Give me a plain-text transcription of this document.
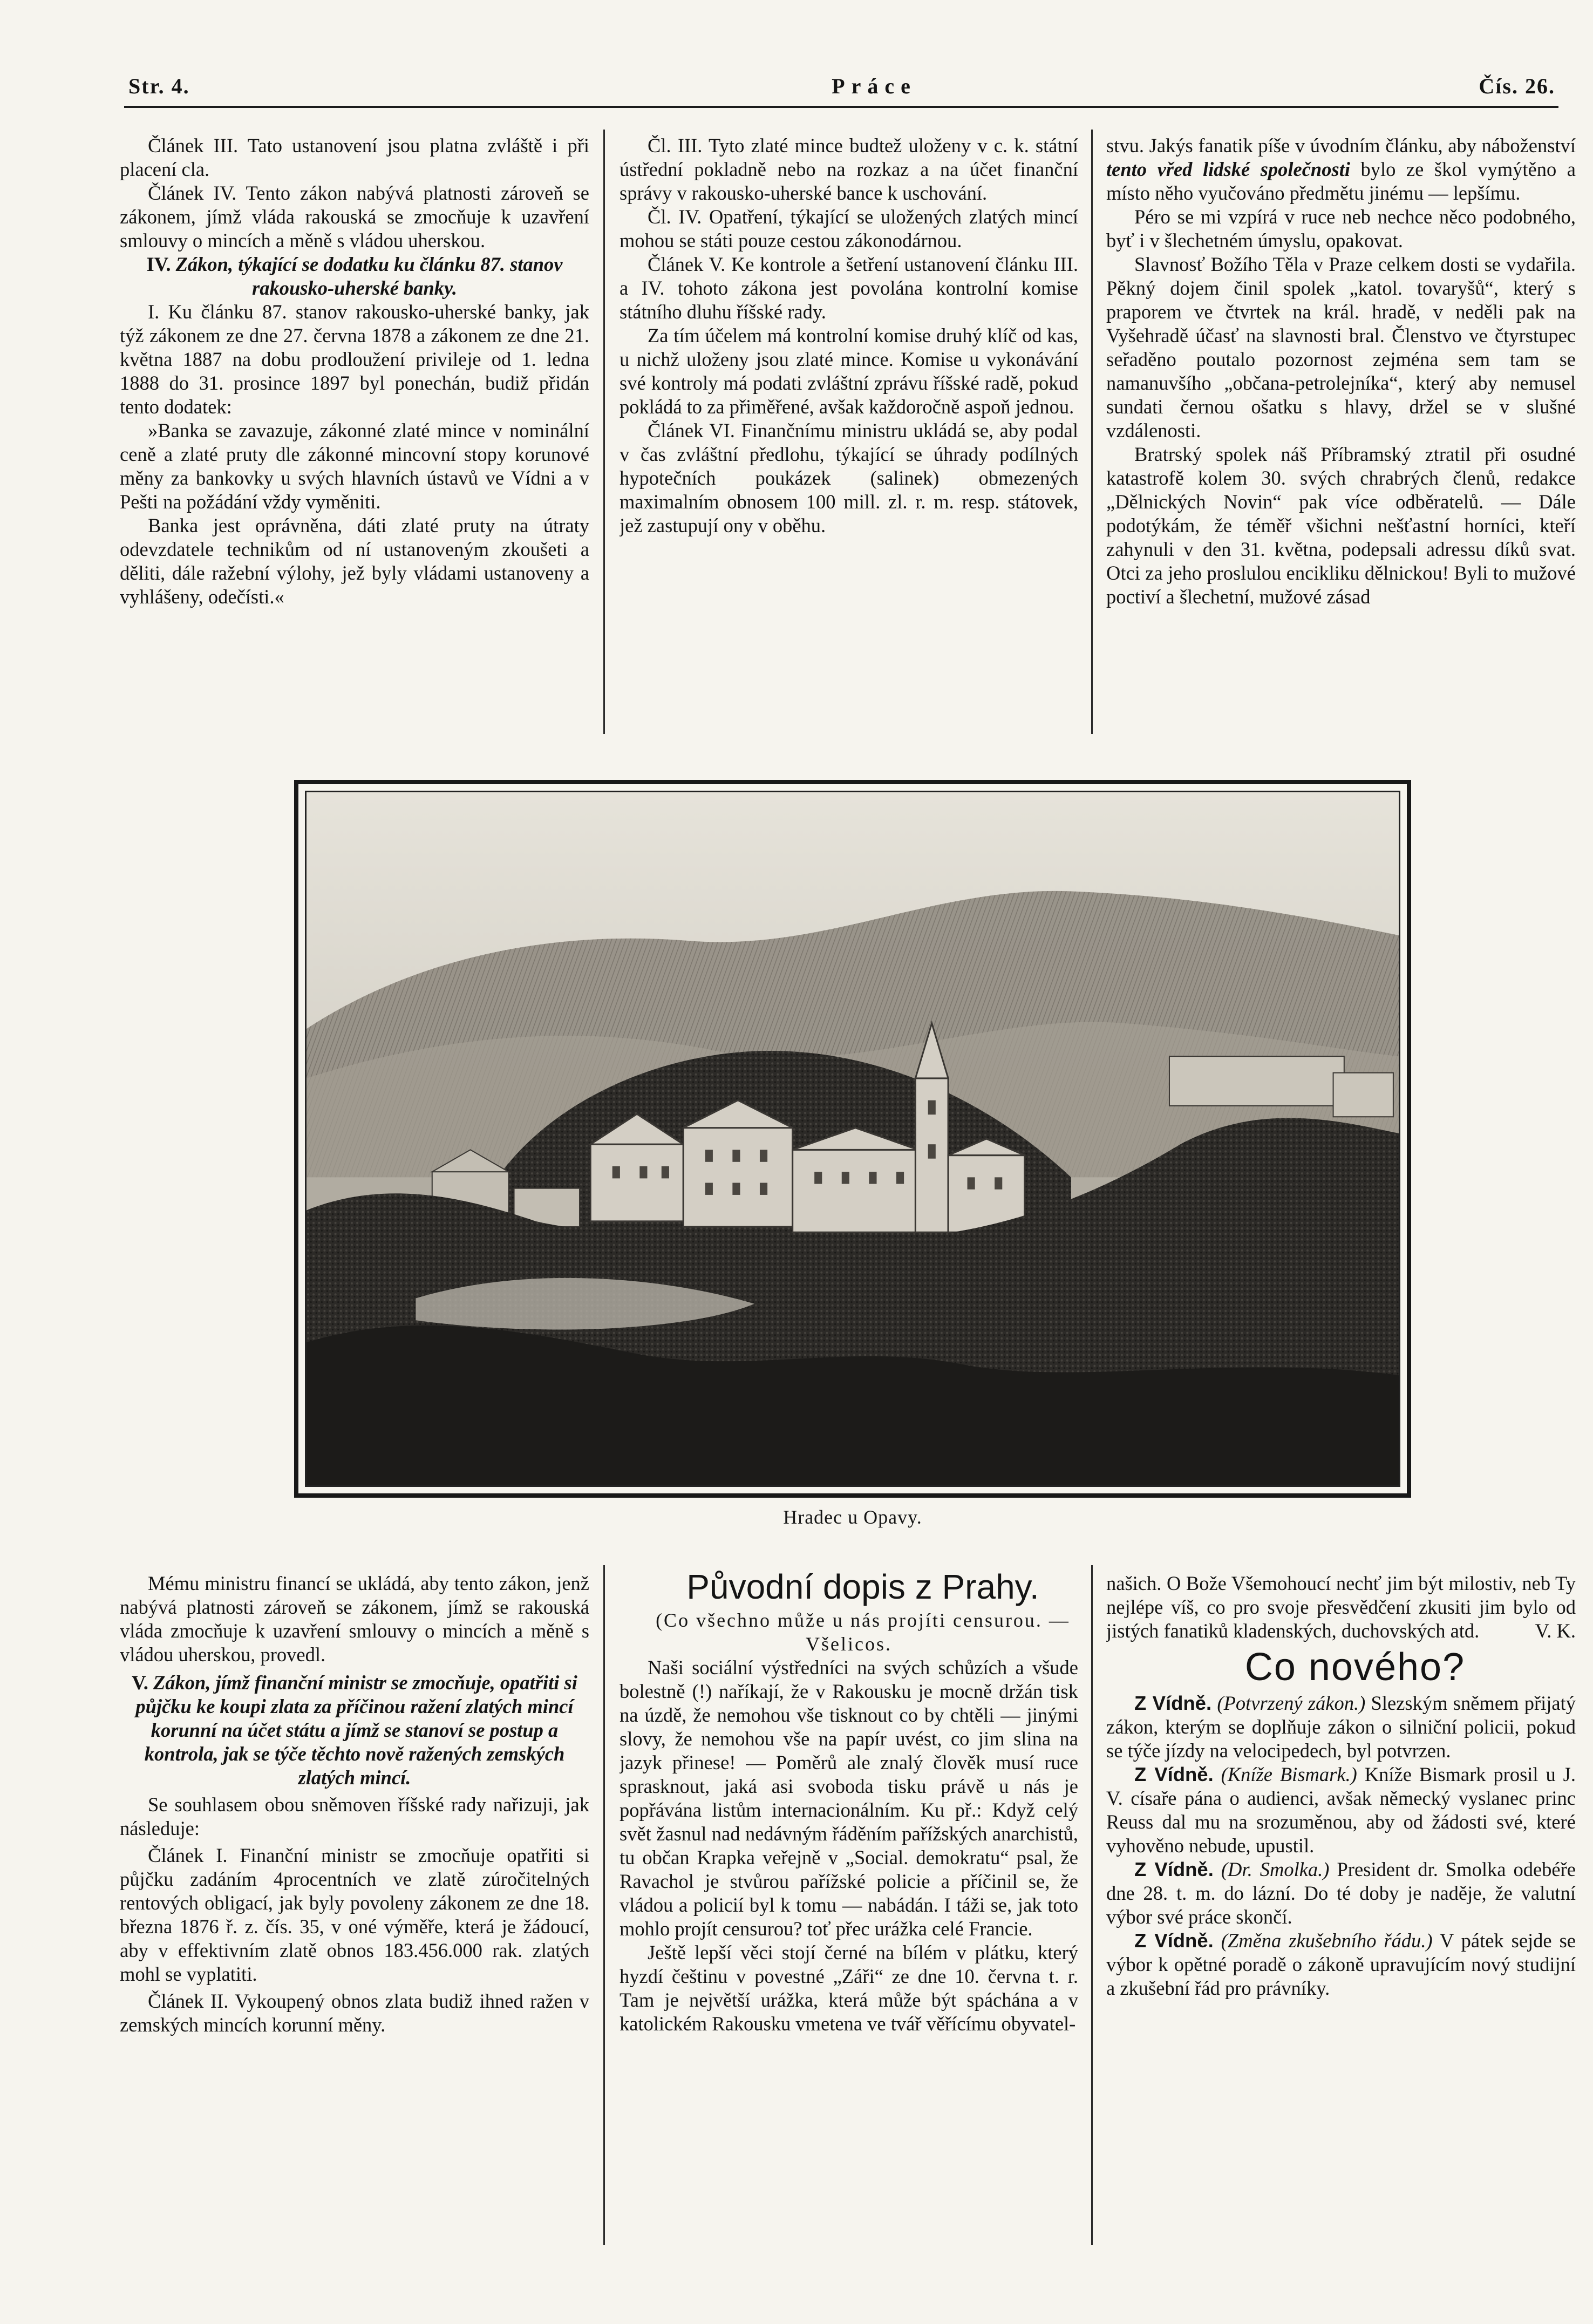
Str. 4.	Práce	Čís. 26.

Článek III. Tato ustanovení jsou platna zvláště i při placení cla.

Článek IV. Tento zákon nabývá platnosti zároveň se zákonem, jímž vláda rakouská se zmocňuje k uzavření smlouvy o mincích a měně s vládou uherskou.

IV. Zákon, týkající se dodatku ku článku 87. stanov rakousko-uherské banky.

I. Ku článku 87. stanov rakousko-uherské banky, jak týž zákonem ze dne 27. června 1878 a zákonem ze dne 21. května 1887 na dobu prodloužení privileje od 1. ledna 1888 do 31. prosince 1897 byl ponechán, budiž přidán tento dodatek:

»Banka se zavazuje, zákonné zlaté mince v nominální ceně a zlaté pruty dle zákonné mincovní stopy korunové měny za bankovky u svých hlavních ústavů ve Vídni a v Pešti na požádání vždy vyměniti.

Banka jest oprávněna, dáti zlaté pruty na útraty odevzdatele technikům od ní ustanoveným zkoušeti a děliti, dále ražební výlohy, jež byly vládami ustanoveny a vyhlášeny, odečísti.«

Čl. III. Tyto zlaté mince budtež uloženy v c. k. státní ústřední pokladně nebo na rozkaz a na účet finanční správy v rakousko-uherské bance k uschování.

Čl. IV. Opatření, týkající se uložených zlatých mincí mohou se státi pouze cestou zákonodárnou.

Článek V. Ke kontrole a šetření ustanovení článku III. a IV. tohoto zákona jest povolána kontrolní komise státního dluhu říšské rady.

Za tím účelem má kontrolní komise druhý klíč od kas, u nichž uloženy jsou zlaté mince. Komise u vykonávání své kontroly má podati zvláštní zprávu říšské radě, pokud pokládá to za přiměřené, avšak každoročně aspoň jednou.

Článek VI. Finančnímu ministru ukládá se, aby podal v čas zvláštní předlohu, týkající se úhrady podílných hypotečních poukázek (salinek) obmezených maximalním obnosem 100 mill. zl. r. m. resp. státovek, jež zastupují ony v oběhu.

stvu. Jakýs fanatik píše v úvodním článku, aby náboženství tento vřed lidské společnosti bylo ze škol vymýtěno a místo něho vyučováno předmětu jinému — lepšímu.

Péro se mi vzpírá v ruce neb nechce něco podobného, byť i v šlechetném úmyslu, opakovat.

Slavnosť Božího Těla v Praze celkem dosti se vydařila. Pěkný dojem činil spolek „katol. tovaryšů“, který s praporem ve čtvrtek na král. hradě, v neděli pak na Vyšehradě účasť na slavnosti bral. Členstvo ve čtyrstupec seřaděno poutalo pozornost zejména sem tam se namanuvšího „občana-petrolejníka“, který aby nemusel sundati černou ošatku s hlavy, držel se v slušné vzdálenosti.

Bratrský spolek náš Příbramský ztratil při osudné katastrofě kolem 30. svých chrabrých členů, redakce „Dělnických Novin“ pak více odběratelů. — Dále podotýkám, že téměř všichni nešťastní horníci, kteří zahynuli v den 31. května, podepsali adressu díků svat. Otci za jeho proslulou encikliku dělnickou! Byli to mužové poctiví a šlechetní, mužové zásad

Hradec u Opavy.

Mému ministru financí se ukládá, aby tento zákon, jenž nabývá platnosti zároveň se zákonem, jímž se rakouská vláda zmocňuje k uzavření smlouvy o mincích a měně s vládou uherskou, provedl.

V. Zákon, jímž finanční ministr se zmocňuje, opatřiti si půjčku ke koupi zlata za příčinou ražení zlatých mincí korunní na účet státu a jímž se stanoví se postup a kontrola, jak se týče těchto nově ražených zemských zlatých mincí.

Se souhlasem obou sněmoven říšské rady nařizuji, jak následuje:

Článek I. Finanční ministr se zmocňuje opatřiti si půjčku zadáním 4procentních ve zlatě zúročitelných rentových obligací, jak byly povoleny zákonem ze dne 18. března 1876 ř. z. čís. 35, v oné výměře, která je žádoucí, aby v effektivním zlatě obnos 183.456.000 rak. zlatých mohl se vyplatiti.

Článek II. Vykoupený obnos zlata budiž ihned ražen v zemských mincích korunní měny.

Původní dopis z Prahy.

(Co všechno může u nás projíti censurou. — Všelicos.

Naši sociální výstředníci na svých schůzích a všude bolestně (!) naříkají, že v Rakousku je mocně držán tisk na úzdě, že nemohou vše tisknout co by chtěli — jinými slovy, že nemohou vše na papír uvést, co jim slina na jazyk přinese! — Poměrů ale znalý člověk musí ruce sprasknout, jaká asi svoboda tisku právě u nás je popřávána listům internacionálním. Ku př.: Když celý svět žasnul nad nedávným řáděním pařížských anarchistů, tu občan Krapka veřejně v „Social. demokratu“ psal, že Ravachol je stvůrou pařížské policie a příčinil se, že vládou a policií byl k tomu — nabádán. I táži se, jak toto mohlo projít censurou? toť přec urážka celé Francie.

Ještě lepší věci stojí černé na bílém v plátku, který hyzdí češtinu v povestné „Záři“ ze dne 10. června t. r. Tam je největší urážka, která může být spáchána a v katolickém Rakousku vmetena ve tvář věřícímu obyvatel-

našich. O Bože Všemohoucí nechť jim být milostiv, neb Ty nejlépe víš, co pro svoje přesvědčení zkusiti jim bylo od jistých fanatiků kladenských, duchovských atd.	V. K.

Co nového?

Z Vídně. (Potvrzený zákon.) Slezským sněmem přijatý zákon, kterým se doplňuje zákon o silniční policii, pokud se týče jízdy na velocipedech, byl potvrzen.

Z Vídně. (Kníže Bismark.) Kníže Bismark prosil u J. V. císaře pána o audienci, avšak německý vyslanec princ Reuss dal mu na srozuměnou, aby od žádosti své, které vyhověno nebude, upustil.

Z Vídně. (Dr. Smolka.) President dr. Smolka odebéře dne 28. t. m. do lázní. Do té doby je naděje, že valutní výbor své práce skončí.

Z Vídně. (Změna zkušebního řádu.) V pátek sejde se výbor k opětné poradě o zákoně upravujícím nový studijní a zkušební řád pro právníky.
